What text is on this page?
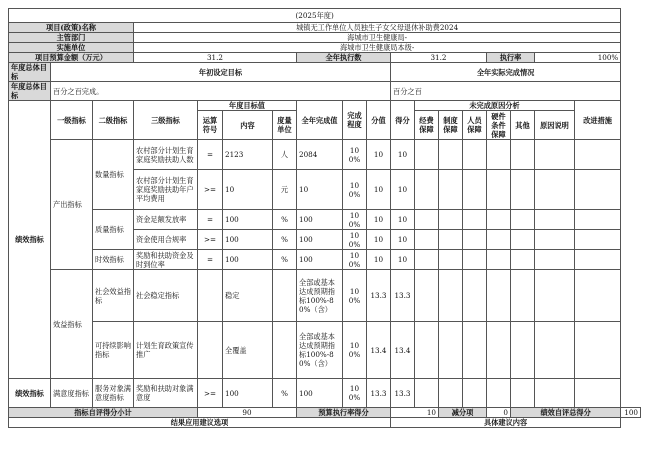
(2025年度)																		
项目(政策)名称			城镇无工作单位人员独生子女父母退休补助费2024															
主管部门			海城市卫生健康局-															
实施单位			海城市卫生健康局本级-															
项目预算金额（万元）			31.2				全年执行数			31.2				执行率		100%		
年度总体目标	年初设定目标									全年实际完成情况								
年度总体目标	百分之百完成。									百分之百								
绩效指标	一级指标	二级指标	三级指标	年度目标值			全年完成值	完成程度	分值	得分	未完成原因分析						改进措施	
				运算符号	内容	度量单位					经费保障	制度保障	人员保障	硬件条件保障	其他	原因说明		
	产出指标	数量指标	农村部分计划生育家庭奖励扶助人数	=	2123	人	2084	100%	10	10								
			农村部分计划生育家庭奖励扶助年户平均费用	>=	10	元	10	100%	10	10								
		质量指标	资金足额发放率	=	100	%	100	100%	10	10								
			资金使用合规率	>=	100	%	100	100%	10	10								
		时效指标	奖励和扶助资金及时到位率	=	100	%	100	100%	10	10								
	效益指标	社会效益指标	社会稳定指标		稳定		全部或基本达成预期指标100%-80%（含）	100%	13.3	13.3								
		可持续影响指标	计划生育政策宣传推广		全覆盖		全部或基本达成预期指标100%-80%（含）	100%	13.4	13.4								
绩效指标	满意度指标	服务对象满意度指标	奖励和扶助对象满意度	>=	100	%	100	100%	13.3	13.3								
指标自评得分小计				90			预算执行率得分			10		减分项		0	绩效自评总得分			100
结果应用建议选项										具体建议内容								
